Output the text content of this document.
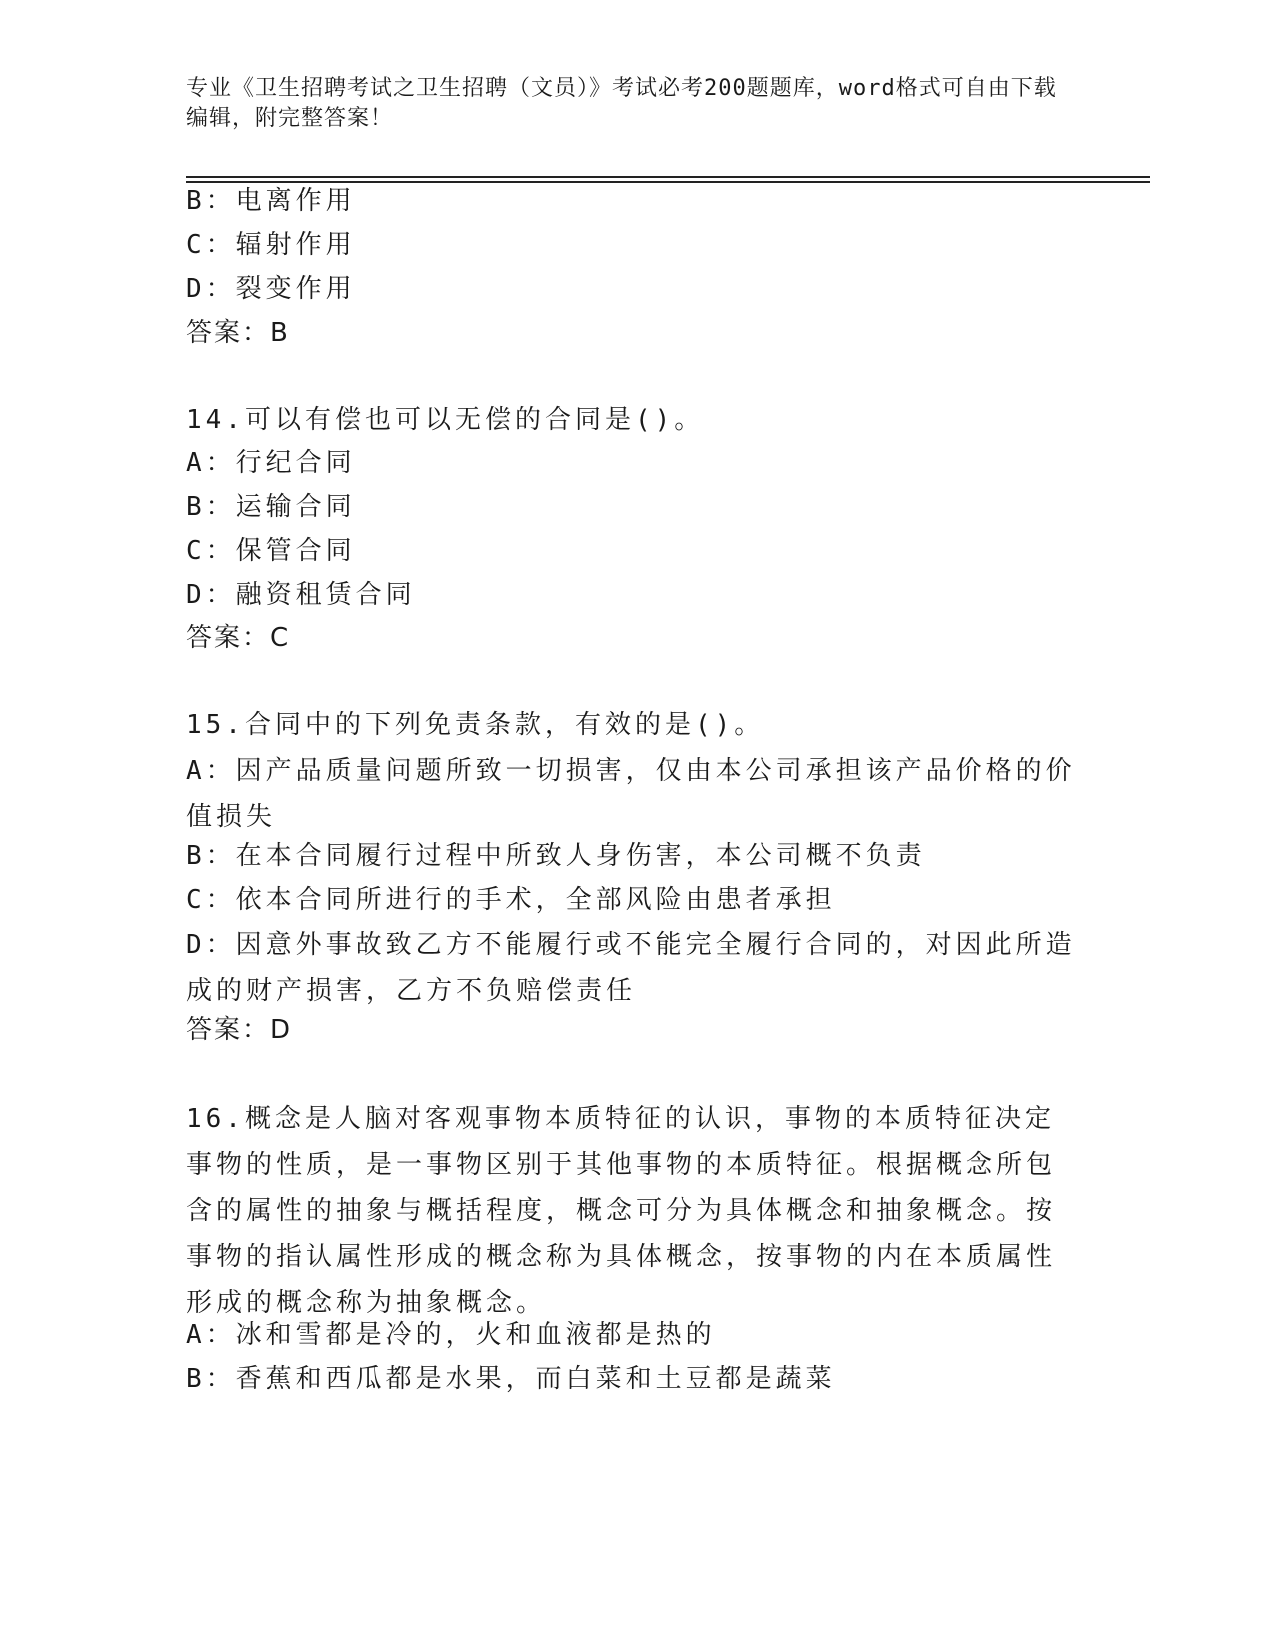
专业《卫生招聘考试之卫生招聘（文员）》考试必考200题题库，word格式可自由下载编辑，附完整答案！
B：电离作用
C：辐射作用
D：裂变作用
答案：B
14.可以有偿也可以无偿的合同是()。
A：行纪合同
B：运输合同
C：保管合同
D：融资租赁合同
答案：C
15.合同中的下列免责条款，有效的是()。
A：因产品质量问题所致一切损害，仅由本公司承担该产品价格的价值损失
B：在本合同履行过程中所致人身伤害，本公司概不负责
C：依本合同所进行的手术，全部风险由患者承担
D：因意外事故致乙方不能履行或不能完全履行合同的，对因此所造成的财产损害，乙方不负赔偿责任
答案：D
16.概念是人脑对客观事物本质特征的认识，事物的本质特征决定事物的性质，是一事物区别于其他事物的本质特征。根据概念所包含的属性的抽象与概括程度，概念可分为具体概念和抽象概念。按事物的指认属性形成的概念称为具体概念，按事物的内在本质属性形成的概念称为抽象概念。
A：冰和雪都是冷的，火和血液都是热的
B：香蕉和西瓜都是水果，而白菜和土豆都是蔬菜
